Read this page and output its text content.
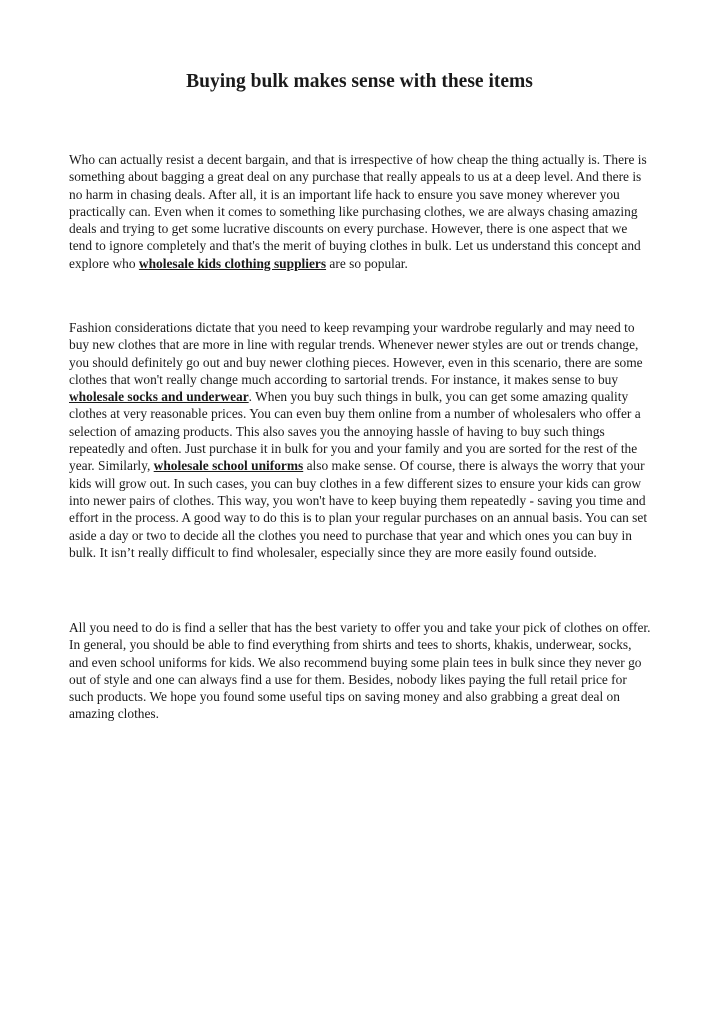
Buying bulk makes sense with these items

Who can actually resist a decent bargain, and that is irrespective of how cheap the thing actually is. There is something about bagging a great deal on any purchase that really appeals to us at a deep level. And there is no harm in chasing deals. After all, it is an important life hack to ensure you save money wherever you practically can. Even when it comes to something like purchasing clothes, we are always chasing amazing deals and trying to get some lucrative discounts on every purchase. However, there is one aspect that we tend to ignore completely and that's the merit of buying clothes in bulk. Let us understand this concept and explore who wholesale kids clothing suppliers are so popular.

Fashion considerations dictate that you need to keep revamping your wardrobe regularly and may need to buy new clothes that are more in line with regular trends. Whenever newer styles are out or trends change, you should definitely go out and buy newer clothing pieces. However, even in this scenario, there are some clothes that won't really change much according to sartorial trends. For instance, it makes sense to buy wholesale socks and underwear. When you buy such things in bulk, you can get some amazing quality clothes at very reasonable prices. You can even buy them online from a number of wholesalers who offer a selection of amazing products. This also saves you the annoying hassle of having to buy such things repeatedly and often. Just purchase it in bulk for you and your family and you are sorted for the rest of the year. Similarly, wholesale school uniforms also make sense. Of course, there is always the worry that your kids will grow out. In such cases, you can buy clothes in a few different sizes to ensure your kids can grow into newer pairs of clothes. This way, you won't have to keep buying them repeatedly - saving you time and effort in the process. A good way to do this is to plan your regular purchases on an annual basis. You can set aside a day or two to decide all the clothes you need to purchase that year and which ones you can buy in bulk. It isn’t really difficult to find wholesaler, especially since they are more easily found outside.

All you need to do is find a seller that has the best variety to offer you and take your pick of clothes on offer. In general, you should be able to find everything from shirts and tees to shorts, khakis, underwear, socks, and even school uniforms for kids. We also recommend buying some plain tees in bulk since they never go out of style and one can always find a use for them. Besides, nobody likes paying the full retail price for such products. We hope you found some useful tips on saving money and also grabbing a great deal on amazing clothes.
